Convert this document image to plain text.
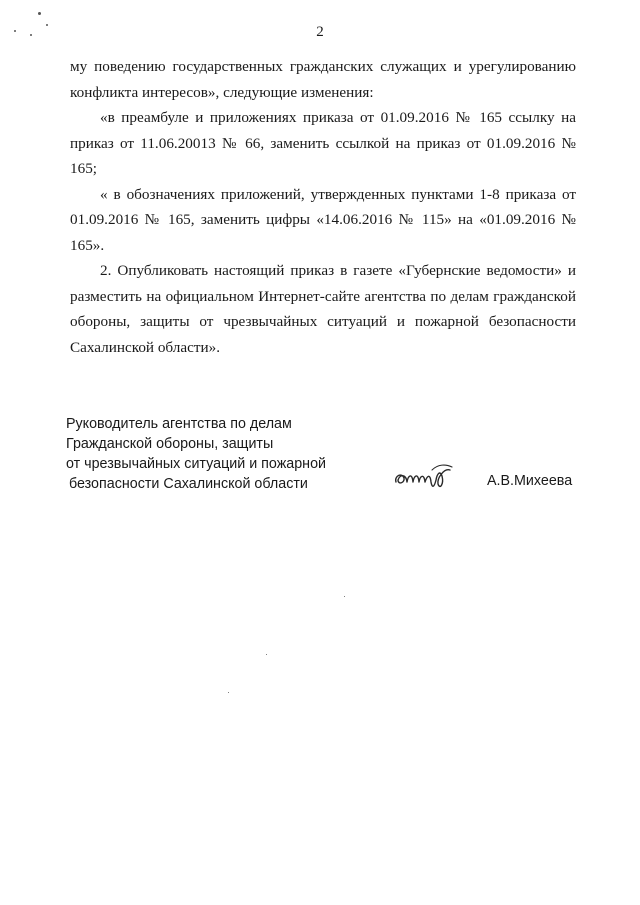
2

му поведению государственных гражданских служащих и урегулированию конфликта интересов», следующие изменения:

«в преамбуле и приложениях приказа от 01.09.2016 № 165 ссылку на приказ от 11.06.20013 № 66, заменить ссылкой на приказ от 01.09.2016 № 165;

« в обозначениях приложений, утвержденных пунктами 1-8 приказа от 01.09.2016 № 165, заменить цифры «14.06.2016 № 115» на «01.09.2016 № 165».

2. Опубликовать настоящий приказ в газете «Губернские ведомости» и разместить на официальном Интернет-сайте агентства по делам гражданской обороны, защиты от чрезвычайных ситуаций и пожарной безопасности Сахалинской области».

Руководитель агентства по делам
Гражданской обороны, защиты
от чрезвычайных ситуаций и пожарной
безопасности Сахалинской области	А.В.Михеева
